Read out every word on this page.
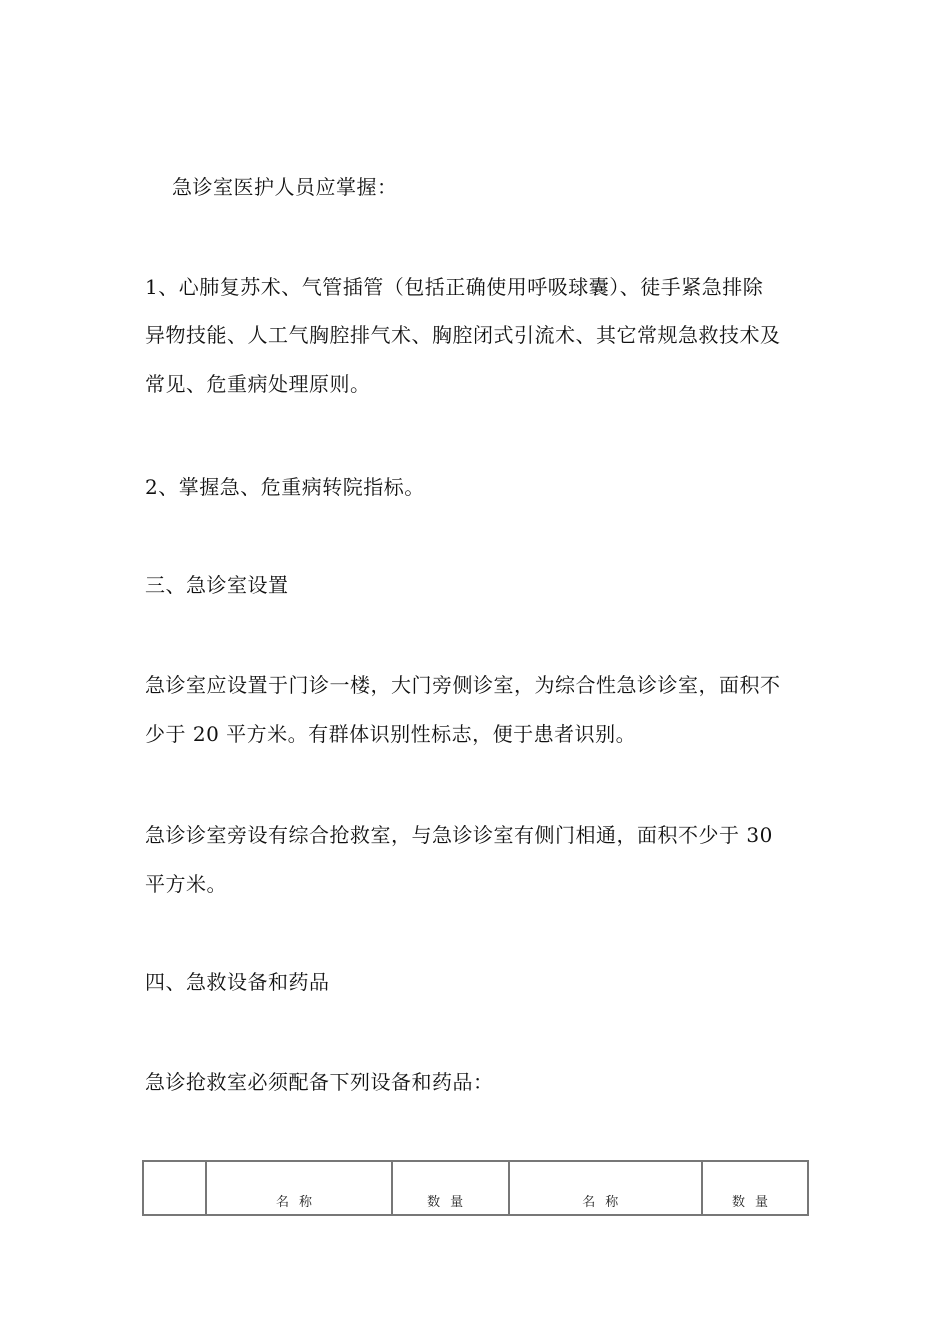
急诊室医护人员应掌握：
1、心肺复苏术、气管插管（包括正确使用呼吸球囊）、徒手紧急排除
异物技能、人工气胸腔排气术、胸腔闭式引流术、其它常规急救技术及
常见、危重病处理原则。
2、掌握急、危重病转院指标。
三、急诊室设置
急诊室应设置于门诊一楼，大门旁侧诊室，为综合性急诊诊室，面积不
少于 20 平方米。有群体识别性标志，便于患者识别。
急诊诊室旁设有综合抢救室，与急诊诊室有侧门相通，面积不少于 30
平方米。
四、急救设备和药品
急诊抢救室必须配备下列设备和药品：
	名称	数量	名称	数量
